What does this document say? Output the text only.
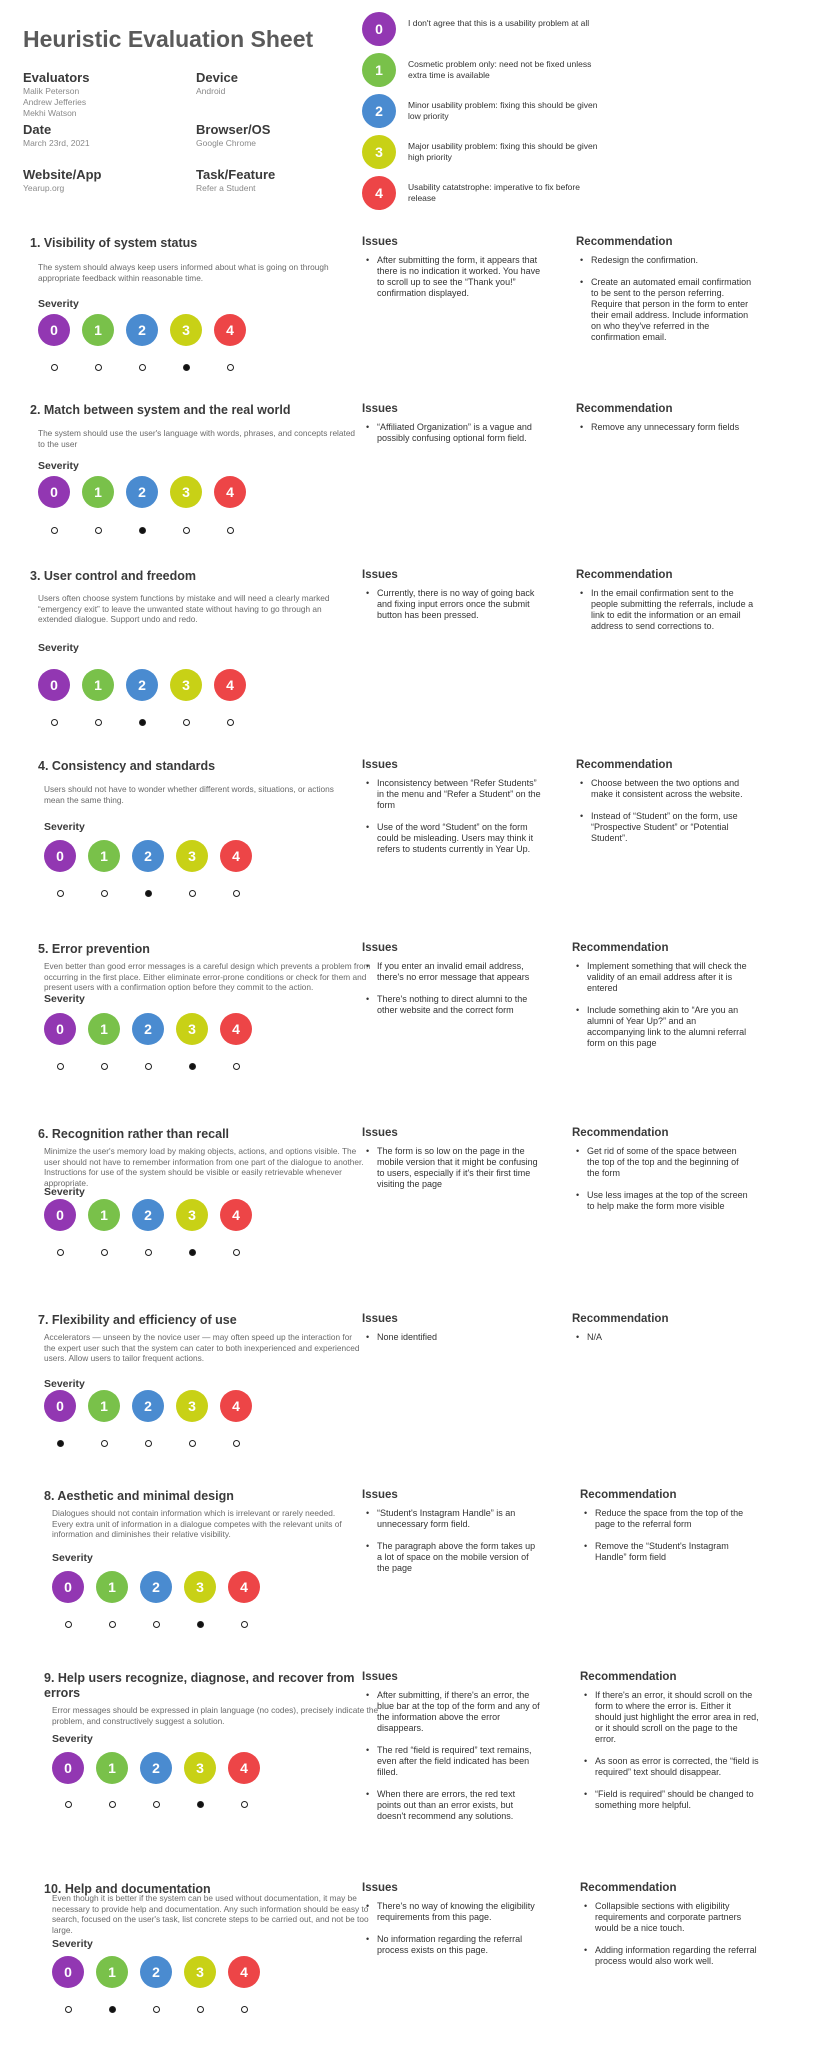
Heuristic Evaluation Sheet
Evaluators
Malik Peterson
Andrew Jefferies
Mekhi Watson
Device
Android
Date
March 23rd, 2021
Browser/OS
Google Chrome
Website/App
Yearup.org
Task/Feature
Refer a Student
0	I don't agree that this is a usability problem at all
1	Cosmetic problem only: need not be fixed unless extra time is available
2	Minor usability problem: fixing this should be given low priority
3	Major usability problem: fixing this should be given high priority
4	Usability catatstrophe: imperative to fix before release
1. Visibility of system status
The system should always keep users informed about what is going on through appropriate feedback within reasonable time.
Severity
0	1	2	3	4
Issues
• After submitting the form, it appears that there is no indication it worked. You have to scroll up to see the “Thank you!” confirmation displayed.
Recommendation
• Redesign the confirmation.
• Create an automated email confirmation to be sent to the person referring. Require that person in the form to enter their email address. Include information on who they've referred in the confirmation email.
2. Match between system and the real world
The system should use the user's language with words, phrases, and concepts related to the user
Severity
0	1	2	3	4
Issues
• “Affiliated Organization” is a vague and possibly confusing optional form field.
Recommendation
• Remove any unnecessary form fields
3. User control and freedom
Users often choose system functions by mistake and will need a clearly marked “emergency exit” to leave the unwanted state without having to go through an extended dialogue. Support undo and redo.
Severity
0	1	2	3	4
Issues
• Currently, there is no way of going back and fixing input errors once the submit button has been pressed.
Recommendation
• In the email confirmation sent to the people submitting the referrals, include a link to edit the information or an email address to send corrections to.
4. Consistency and standards
Users should not have to wonder whether different words, situations, or actions mean the same thing.
Severity
0	1	2	3	4
Issues
• Inconsistency between “Refer Students” in the menu and “Refer a Student” on the form
• Use of the word “Student” on the form could be misleading. Users may think it refers to students currently in Year Up.
Recommendation
• Choose between the two options and make it consistent across the website.
• Instead of “Student” on the form, use “Prospective Student” or “Potential Student”.
5. Error prevention
Even better than good error messages is a careful design which prevents a problem from occurring in the first place. Either eliminate error-prone conditions or check for them and present users with a confirmation option before they commit to the action.
Severity
0	1	2	3	4
Issues
• If you enter an invalid email address, there's no error message that appears
• There's nothing to direct alumni to the other website and the correct form
Recommendation
• Implement something that will check the validity of an email address after it is entered
• Include something akin to “Are you an alumni of Year Up?” and an accompanying link to the alumni referral form on this page
6. Recognition rather than recall
Minimize the user's memory load by making objects, actions, and options visible. The user should not have to remember information from one part of the dialogue to another. Instructions for use of the system should be visible or easily retrievable whenever appropriate.
Severity
0	1	2	3	4
Issues
• The form is so low on the page in the mobile version that it might be confusing to users, especially if it's their first time visiting the page
Recommendation
• Get rid of some of the space between the top of the top and the beginning of the form
• Use less images at the top of the screen to help make the form more visible
7. Flexibility and efficiency of use
Accelerators — unseen by the novice user — may often speed up the interaction for the expert user such that the system can cater to both inexperienced and experienced users. Allow users to tailor frequent actions.
Severity
0	1	2	3	4
Issues
• None identified
Recommendation
• N/A
8. Aesthetic and minimal design
Dialogues should not contain information which is irrelevant or rarely needed. Every extra unit of information in a dialogue competes with the relevant units of information and diminishes their relative visibility.
Severity
0	1	2	3	4
Issues
• “Student's Instagram Handle” is an unnecessary form field.
• The paragraph above the form takes up a lot of space on the mobile version of the page
Recommendation
• Reduce the space from the top of the page to the referral form
• Remove the “Student's Instagram Handle” form field
9. Help users recognize, diagnose, and recover from errors
Error messages should be expressed in plain language (no codes), precisely indicate the problem, and constructively suggest a solution.
Severity
0	1	2	3	4
Issues
• After submitting, if there's an error, the blue bar at the top of the form and any of the information above the error disappears.
• The red “field is required” text remains, even after the field indicated has been filled.
• When there are errors, the red text points out than an error exists, but doesn't recommend any solutions.
Recommendation
• If there's an error, it should scroll on the form to where the error is. Either it should just highlight the error area in red, or it should scroll on the page to the error.
• As soon as error is corrected, the “field is required” text should disappear.
• “Field is required” should be changed to something more helpful.
10. Help and documentation
Even though it is better if the system can be used without documentation, it may be necessary to provide help and documentation. Any such information should be easy to search, focused on the user's task, list concrete steps to be carried out, and not be too large.
Severity
0	1	2	3	4
Issues
• There's no way of knowing the eligibility requirements from this page.
• No information regarding the referral process exists on this page.
Recommendation
• Collapsible sections with eligibility requirements and corporate partners would be a nice touch.
• Adding information regarding the referral process would also work well.
